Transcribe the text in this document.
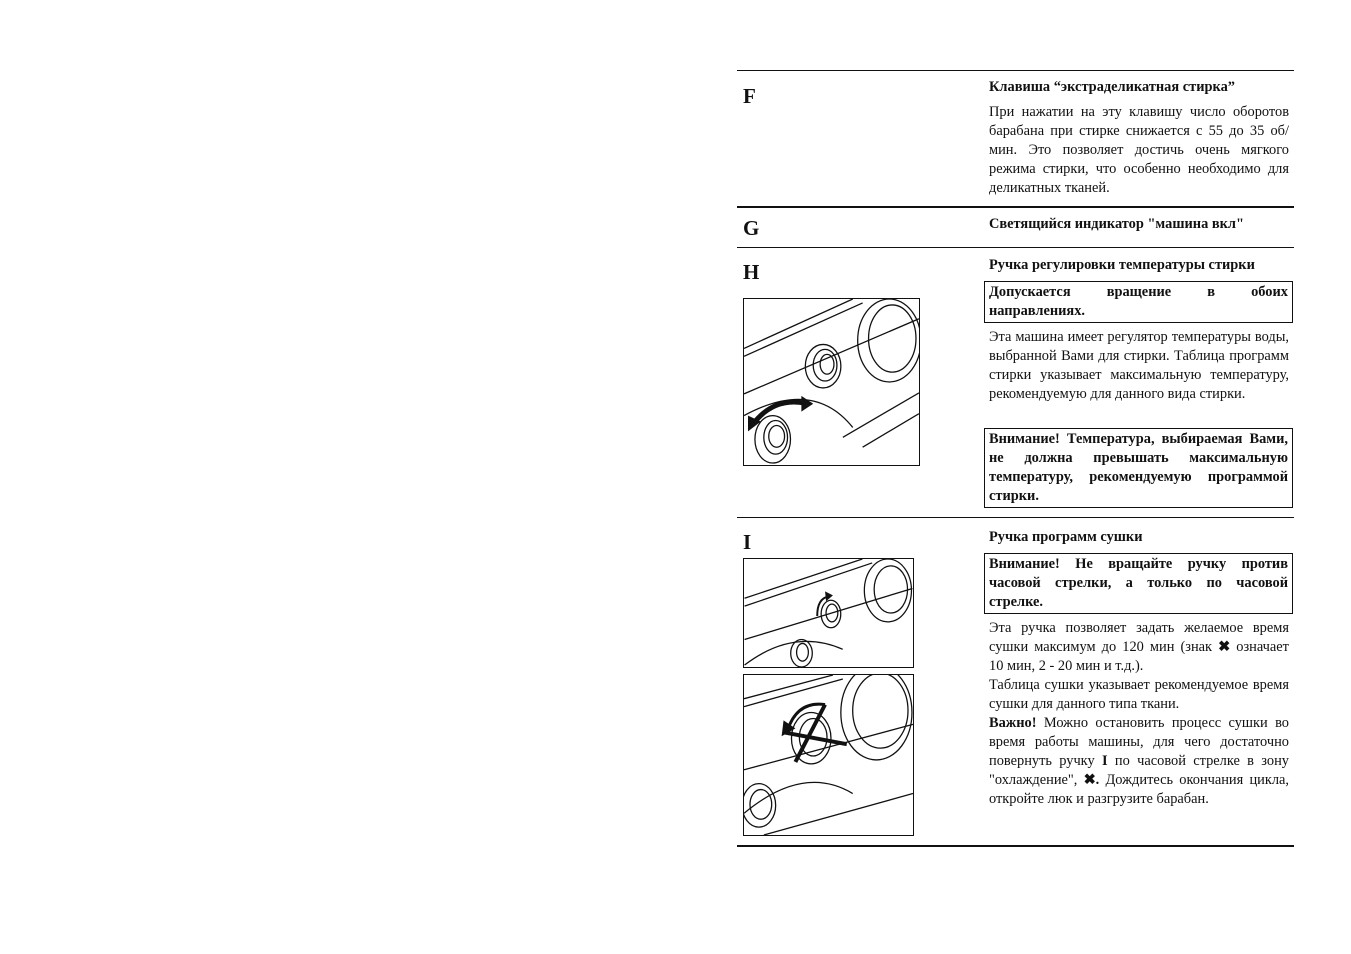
F	Клавиша “экстраделикатная стирка”
При нажатии на эту клавишу число оборотов барабана при стирке снижается с 55 до 35 об/мин. Это позволяет достичь очень мягкого режима стирки, что особенно необходимо для деликатных тканей.
G	Светящийся индикатор "машина вкл"
H	Ручка регулировки температуры стирки
Допускается вращение в обоих направлениях.
Эта машина имеет регулятор температуры воды, выбранной Вами для стирки. Таблица программ стирки указывает максимальную температуру, рекомендуемую для данного вида стирки.
Внимание! Температура, выбираемая Вами, не должна превышать максимальную температуру, рекомендуемую программой стирки.
I	Ручка программ сушки
Внимание! Не вращайте ручку против часовой стрелки, а только по часовой стрелке.
Эта ручка позволяет задать желаемое время сушки максимум до 120 мин (знак ✖ означает 10 мин, 2 - 20 мин и т.д.).
Таблица сушки указывает рекомендуемое время сушки для данного типа ткани.
Важно! Можно остановить процесс сушки во время работы машины, для чего достаточно повернуть ручку I по часовой стрелке в зону "охлаждение", ✖. Дождитесь окончания цикла, откройте люк и разгрузите барабан.
